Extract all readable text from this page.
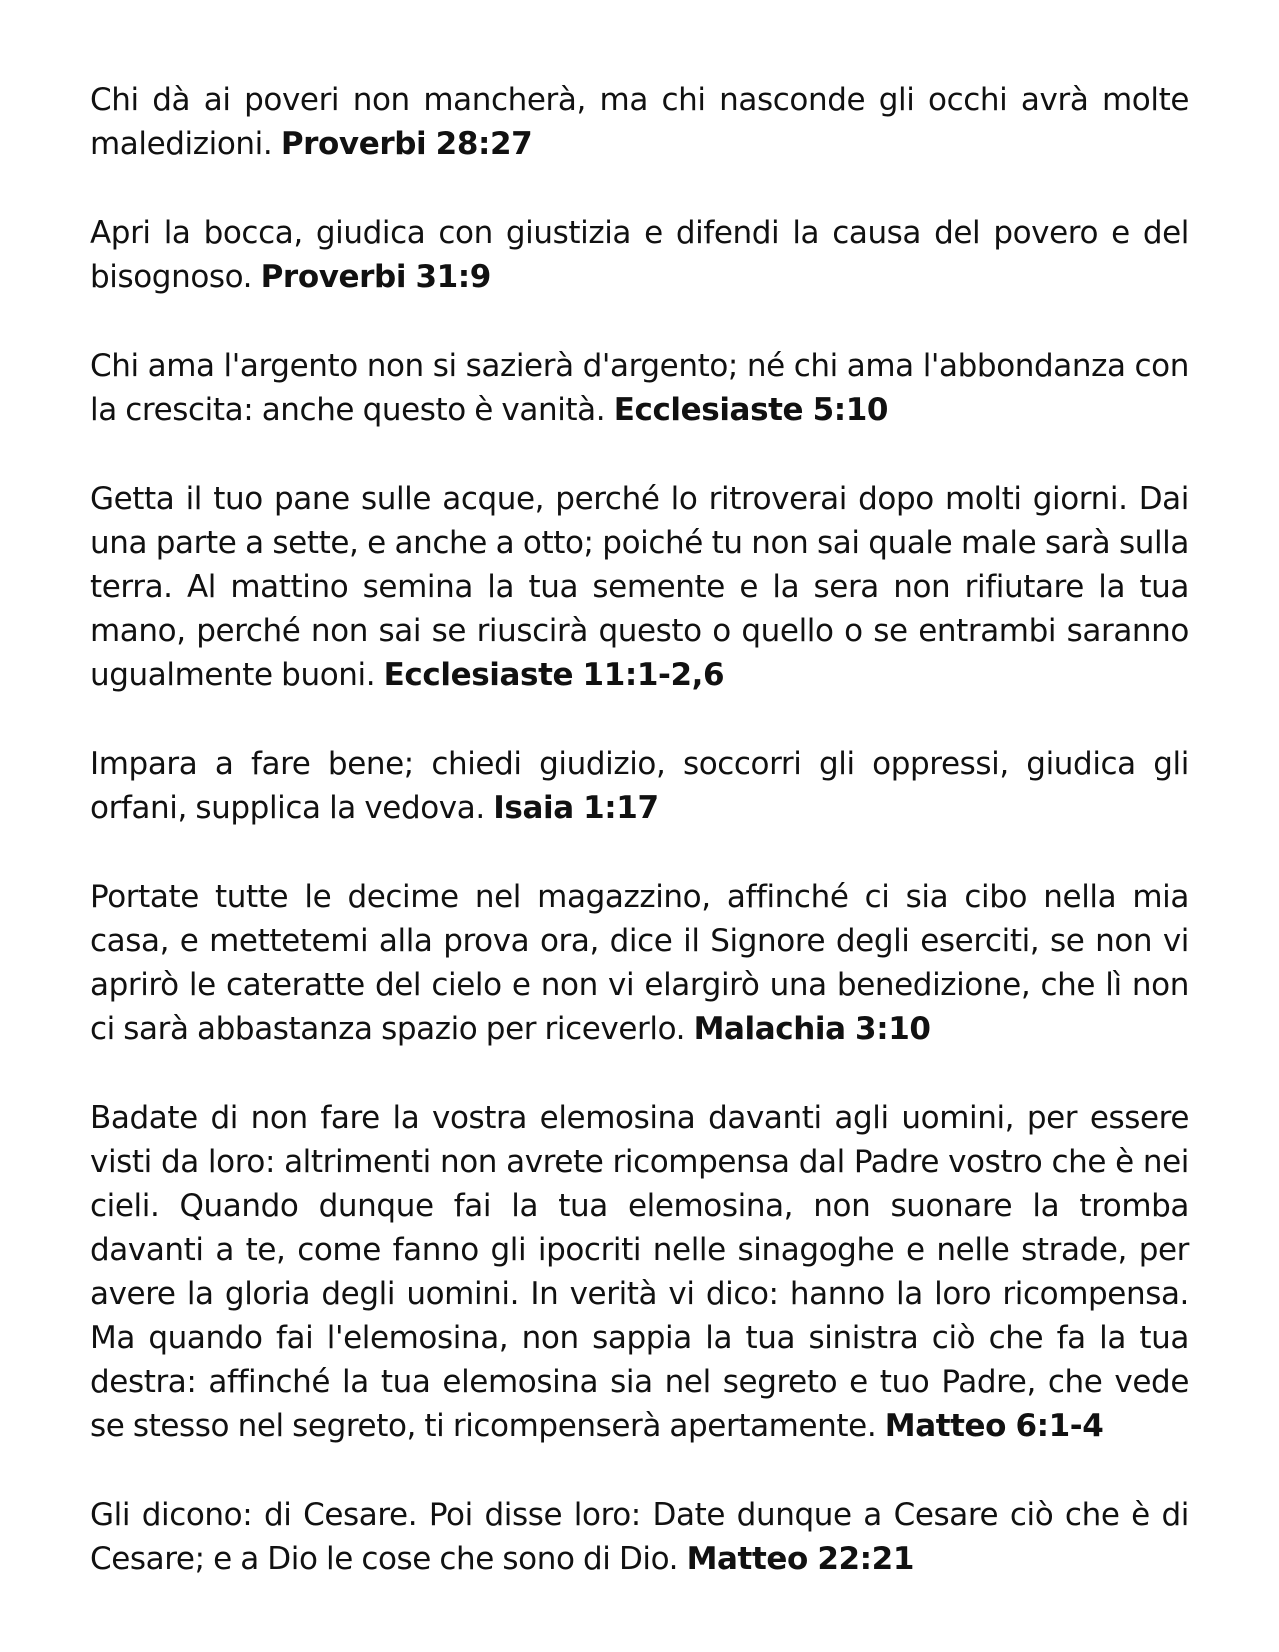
Chi dà ai poveri non mancherà, ma chi nasconde gli occhi avrà molte maledizioni. Proverbi 28:27

Apri la bocca, giudica con giustizia e difendi la causa del povero e del bisognoso. Proverbi 31:9

Chi ama l'argento non si sazierà d'argento; né chi ama l'abbondanza con la crescita: anche questo è vanità. Ecclesiaste 5:10

Getta il tuo pane sulle acque, perché lo ritroverai dopo molti giorni. Dai una parte a sette, e anche a otto; poiché tu non sai quale male sarà sulla terra. Al mattino semina la tua semente e la sera non rifiutare la tua mano, perché non sai se riuscirà questo o quello o se entrambi saranno ugualmente buoni. Ecclesiaste 11:1-2,6

Impara a fare bene; chiedi giudizio, soccorri gli oppressi, giudica gli orfani, supplica la vedova. Isaia 1:17

Portate tutte le decime nel magazzino, affinché ci sia cibo nella mia casa, e mettetemi alla prova ora, dice il Signore degli eserciti, se non vi aprirò le cateratte del cielo e non vi elargirò una benedizione, che lì non ci sarà abbastanza spazio per riceverlo. Malachia 3:10

Badate di non fare la vostra elemosina davanti agli uomini, per essere visti da loro: altrimenti non avrete ricompensa dal Padre vostro che è nei cieli. Quando dunque fai la tua elemosina, non suonare la tromba davanti a te, come fanno gli ipocriti nelle sinagoghe e nelle strade, per avere la gloria degli uomini. In verità vi dico: hanno la loro ricompensa. Ma quando fai l'elemosina, non sappia la tua sinistra ciò che fa la tua destra: affinché la tua elemosina sia nel segreto e tuo Padre, che vede se stesso nel segreto, ti ricompenserà apertamente. Matteo 6:1-4

Gli dicono: di Cesare. Poi disse loro: Date dunque a Cesare ciò che è di Cesare; e a Dio le cose che sono di Dio. Matteo 22:21
